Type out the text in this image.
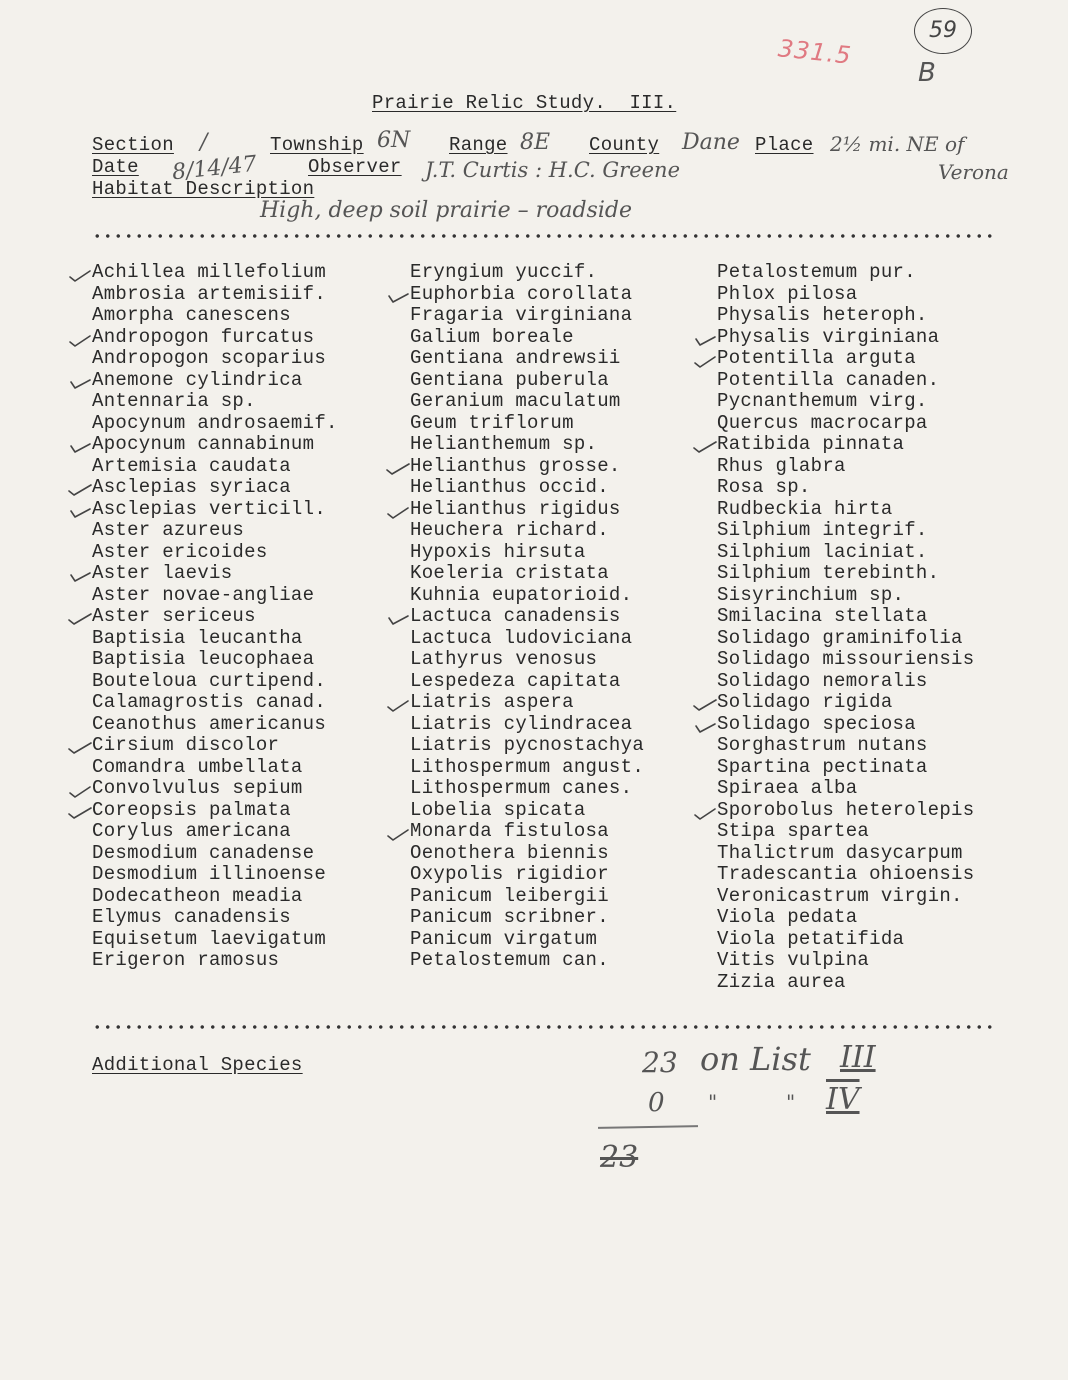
331.5
59
B
Prairie Relic Study.  III.
Section /	Township 6N Range 8E County Dane Place 2½ mi. NE of
Date 8/14/47	Observer J.T. Curtis : H.C. Greene	Verona
Habitat Description
High, deep soil prairie – roadside
Achillea millefolium
Ambrosia artemisiif.
Amorpha canescens
Andropogon furcatus
Andropogon scoparius
Anemone cylindrica
Antennaria sp.
Apocynum androsaemif.
Apocynum cannabinum
Artemisia caudata
Asclepias syriaca
Asclepias verticill.
Aster azureus
Aster ericoides
Aster laevis
Aster novae-angliae
Aster sericeus
Baptisia leucantha
Baptisia leucophaea
Bouteloua curtipend.
Calamagrostis canad.
Ceanothus americanus
Cirsium discolor
Comandra umbellata
Convolvulus sepium
Coreopsis palmata
Corylus americana
Desmodium canadense
Desmodium illinoense
Dodecatheon meadia
Elymus canadensis
Equisetum laevigatum
Erigeron ramosus
Eryngium yuccif.
Euphorbia corollata
Fragaria virginiana
Galium boreale
Gentiana andrewsii
Gentiana puberula
Geranium maculatum
Geum triflorum
Helianthemum sp.
Helianthus grosse.
Helianthus occid.
Helianthus rigidus
Heuchera richard.
Hypoxis hirsuta
Koeleria cristata
Kuhnia eupatorioid.
Lactuca canadensis
Lactuca ludoviciana
Lathyrus venosus
Lespedeza capitata
Liatris aspera
Liatris cylindracea
Liatris pycnostachya
Lithospermum angust.
Lithospermum canes.
Lobelia spicata
Monarda fistulosa
Oenothera biennis
Oxypolis rigidior
Panicum leibergii
Panicum scribner.
Panicum virgatum
Petalostemum can.
Petalostemum pur.
Phlox pilosa
Physalis heteroph.
Physalis virginiana
Potentilla arguta
Potentilla canaden.
Pycnanthemum virg.
Quercus macrocarpa
Ratibida pinnata
Rhus glabra
Rosa sp.
Rudbeckia hirta
Silphium integrif.
Silphium laciniat.
Silphium terebinth.
Sisyrinchium sp.
Smilacina stellata
Solidago graminifolia
Solidago missouriensis
Solidago nemoralis
Solidago rigida
Solidago speciosa
Sorghastrum nutans
Spartina pectinata
Spiraea alba
Sporobolus heterolepis
Stipa spartea
Thalictrum dasycarpum
Tradescantia ohioensis
Veronicastrum virgin.
Viola pedata
Viola petatifida
Vitis vulpina
Zizia aurea
Additional Species	23 on List III
0 "	" IV
23
